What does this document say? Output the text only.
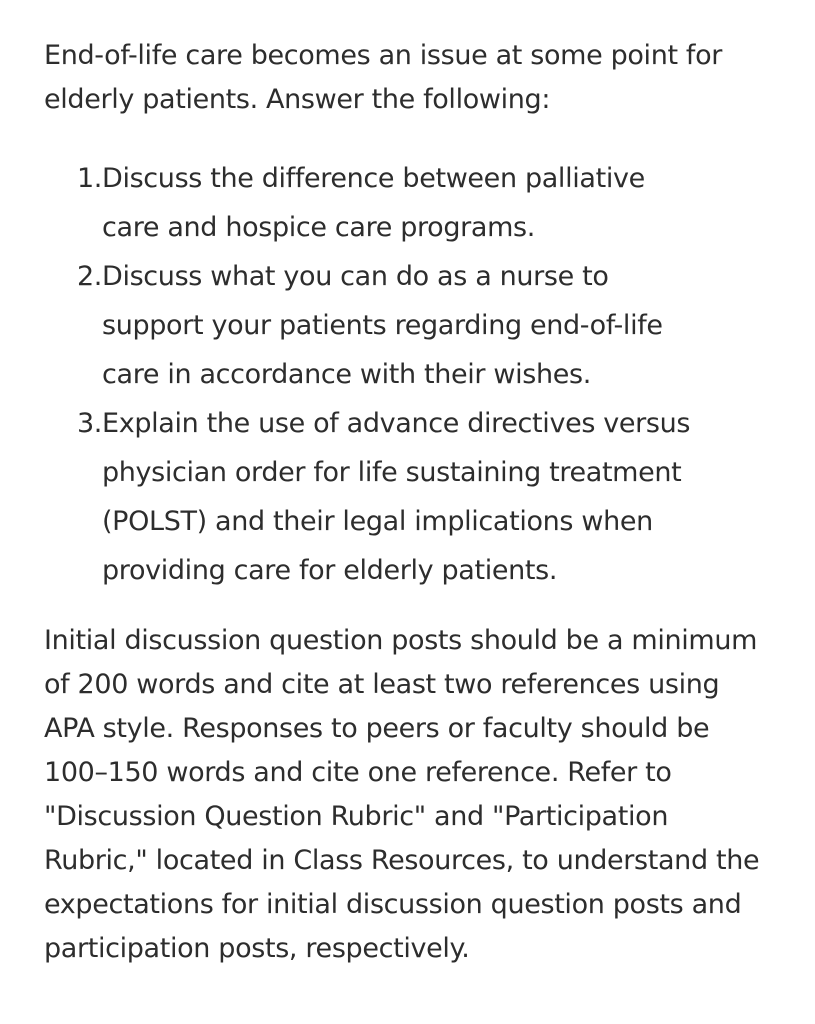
End-of-life care becomes an issue at some point for elderly patients. Answer the following:

1. Discuss the difference between palliative
care and hospice care programs.
2. Discuss what you can do as a nurse to
support your patients regarding end-of-life
care in accordance with their wishes.
3. Explain the use of advance directives versus
physician order for life sustaining treatment
(POLST) and their legal implications when
providing care for elderly patients.

Initial discussion question posts should be a minimum of 200 words and cite at least two references using APA style. Responses to peers or faculty should be 100–150 words and cite one reference. Refer to "Discussion Question Rubric" and "Participation Rubric," located in Class Resources, to understand the expectations for initial discussion question posts and participation posts, respectively.
